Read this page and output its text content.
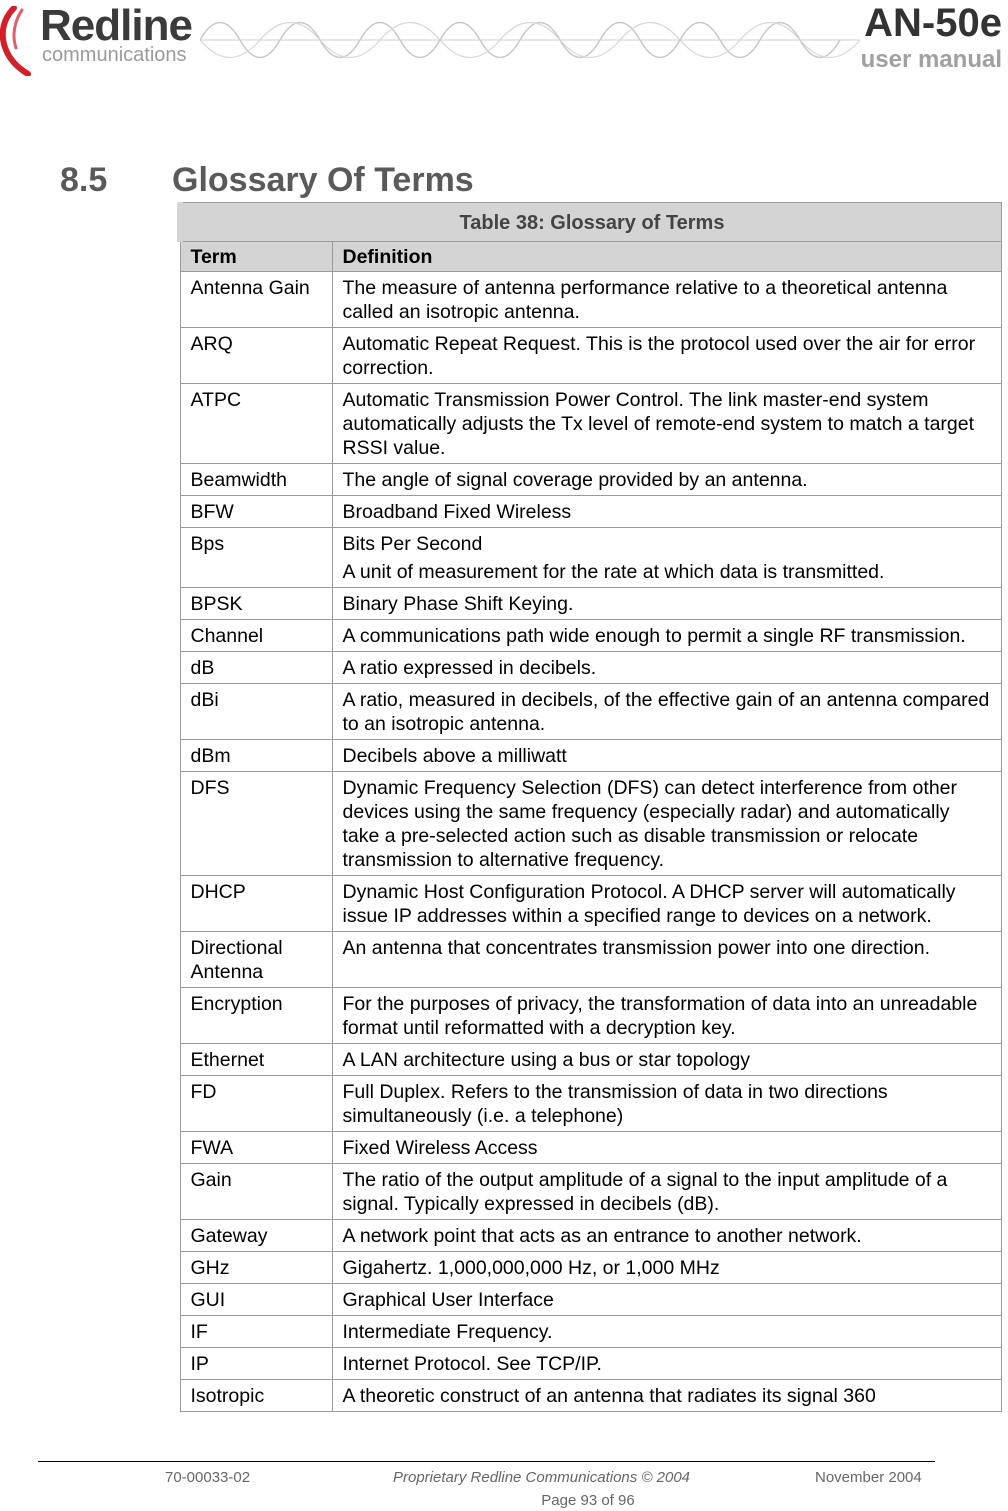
Redline
communications
AN-50e
user manual
8.5 Glossary Of Terms
Table 38: Glossary of Terms	
Term	Definition
Antenna Gain	The measure of antenna performance relative to a theoretical antenna called an isotropic antenna.

ARQ	Automatic Repeat Request. This is the protocol used over the air for error correction.

ATPC	Automatic Transmission Power Control. The link master-end system automatically adjusts the Tx level of remote-end system to match a target RSSI value.

Beamwidth	The angle of signal coverage provided by an antenna.

BFW	Broadband Fixed Wireless

Bps	Bits Per Second

A unit of measurement for the rate at which data is transmitted.

BPSK	Binary Phase Shift Keying.

Channel	A communications path wide enough to permit a single RF transmission.

dB	A ratio expressed in decibels.

dBi	A ratio, measured in decibels, of the effective gain of an antenna compared to an isotropic antenna.

dBm	Decibels above a milliwatt

DFS	Dynamic Frequency Selection (DFS) can detect interference from other devices using the same frequency (especially radar) and automatically take a pre-selected action such as disable transmission or relocate transmission to alternative frequency.

DHCP	Dynamic Host Configuration Protocol. A DHCP server will automatically issue IP addresses within a specified range to devices on a network.

Directional Antenna	An antenna that concentrates transmission power into one direction.

Encryption	For the purposes of privacy, the transformation of data into an unreadable format until reformatted with a decryption key.

Ethernet	A LAN architecture using a bus or star topology

FD	Full Duplex. Refers to the transmission of data in two directions simultaneously (i.e. a telephone)

FWA	Fixed Wireless Access

Gain	The ratio of the output amplitude of a signal to the input amplitude of a signal. Typically expressed in decibels (dB).

Gateway	A network point that acts as an entrance to another network.

GHz	Gigahertz. 1,000,000,000 Hz, or 1,000 MHz

GUI	Graphical User Interface

IF	Intermediate Frequency.

IP	Internet Protocol. See TCP/IP.

Isotropic	A theoretic construct of an antenna that radiates its signal 360

70-00033-02	Proprietary Redline Communications © 2004	November 2004
Page 93 of 96
